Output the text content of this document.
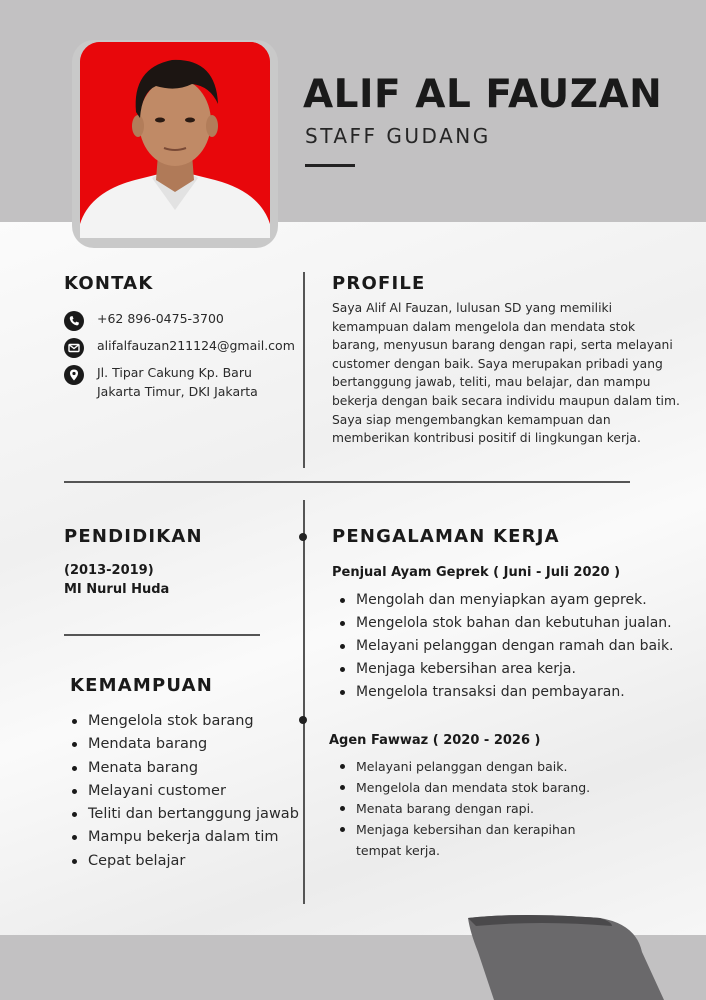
ALIF AL FAUZAN
STAFF GUDANG
KONTAK
+62 896-0475-3700
alifalfauzan211124@gmail.com
Jl. Tipar Cakung Kp. Baru
Jakarta Timur, DKI Jakarta
PROFILE
Saya Alif Al Fauzan, lulusan SD yang memiliki kemampuan dalam mengelola dan mendata stok barang, menyusun barang dengan rapi, serta melayani customer dengan baik. Saya merupakan pribadi yang bertanggung jawab, teliti, mau belajar, dan mampu bekerja dengan baik secara individu maupun dalam tim. Saya siap mengembangkan kemampuan dan memberikan kontribusi positif di lingkungan kerja.
PENDIDIKAN
(2013-2019)
MI Nurul Huda
KEMAMPUAN
Mengelola stok barang
Mendata barang
Menata barang
Melayani customer
Teliti dan bertanggung jawab
Mampu bekerja dalam tim
Cepat belajar
PENGALAMAN KERJA
Penjual Ayam Geprek ( Juni - Juli 2020 )
Mengolah dan menyiapkan ayam geprek.
Mengelola stok bahan dan kebutuhan jualan.
Melayani pelanggan dengan ramah dan baik.
Menjaga kebersihan area kerja.
Mengelola transaksi dan pembayaran.
Agen Fawwaz ( 2020 - 2026 )
Melayani pelanggan dengan baik.
Mengelola dan mendata stok barang.
Menata barang dengan rapi.
Menjaga kebersihan dan kerapihan tempat kerja.
